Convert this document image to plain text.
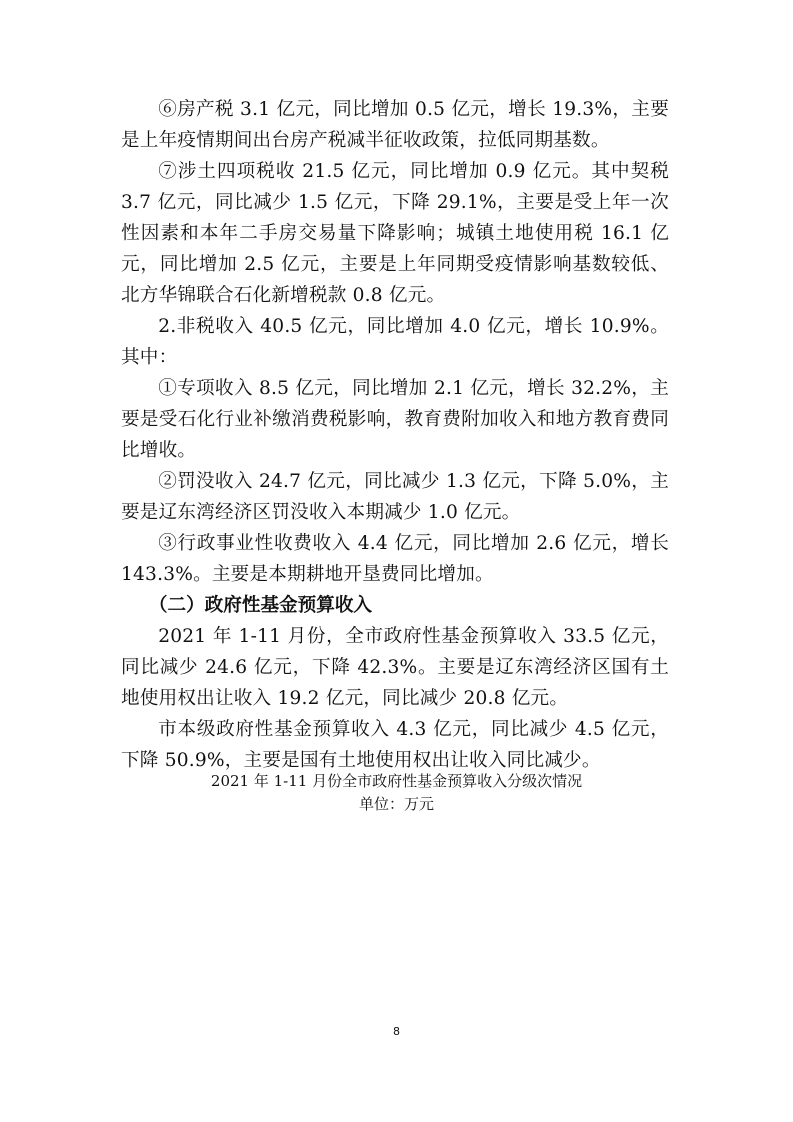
⑥房产税 3.1 亿元，同比增加 0.5 亿元，增长 19.3%，主要是上年疫情期间出台房产税减半征收政策，拉低同期基数。

⑦涉土四项税收 21.5 亿元，同比增加 0.9 亿元。其中契税 3.7 亿元，同比减少 1.5 亿元，下降 29.1%，主要是受上年一次性因素和本年二手房交易量下降影响；城镇土地使用税 16.1 亿元，同比增加 2.5 亿元，主要是上年同期受疫情影响基数较低、北方华锦联合石化新增税款 0.8 亿元。

2.非税收入 40.5 亿元，同比增加 4.0 亿元，增长 10.9%。其中：

①专项收入 8.5 亿元，同比增加 2.1 亿元，增长 32.2%，主要是受石化行业补缴消费税影响，教育费附加收入和地方教育费同比增收。

②罚没收入 24.7 亿元，同比减少 1.3 亿元，下降 5.0%，主要是辽东湾经济区罚没收入本期减少 1.0 亿元。

③行政事业性收费收入 4.4 亿元，同比增加 2.6 亿元，增长 143.3%。主要是本期耕地开垦费同比增加。

（二）政府性基金预算收入

2021 年 1-11 月份，全市政府性基金预算收入 33.5 亿元，同比减少 24.6 亿元，下降 42.3%。主要是辽东湾经济区国有土地使用权出让收入 19.2 亿元，同比减少 20.8 亿元。

市本级政府性基金预算收入 4.3 亿元，同比减少 4.5 亿元，下降 50.9%，主要是国有土地使用权出让收入同比减少。

2021 年 1-11 月份全市政府性基金预算收入分级次情况
单位：万元
8
